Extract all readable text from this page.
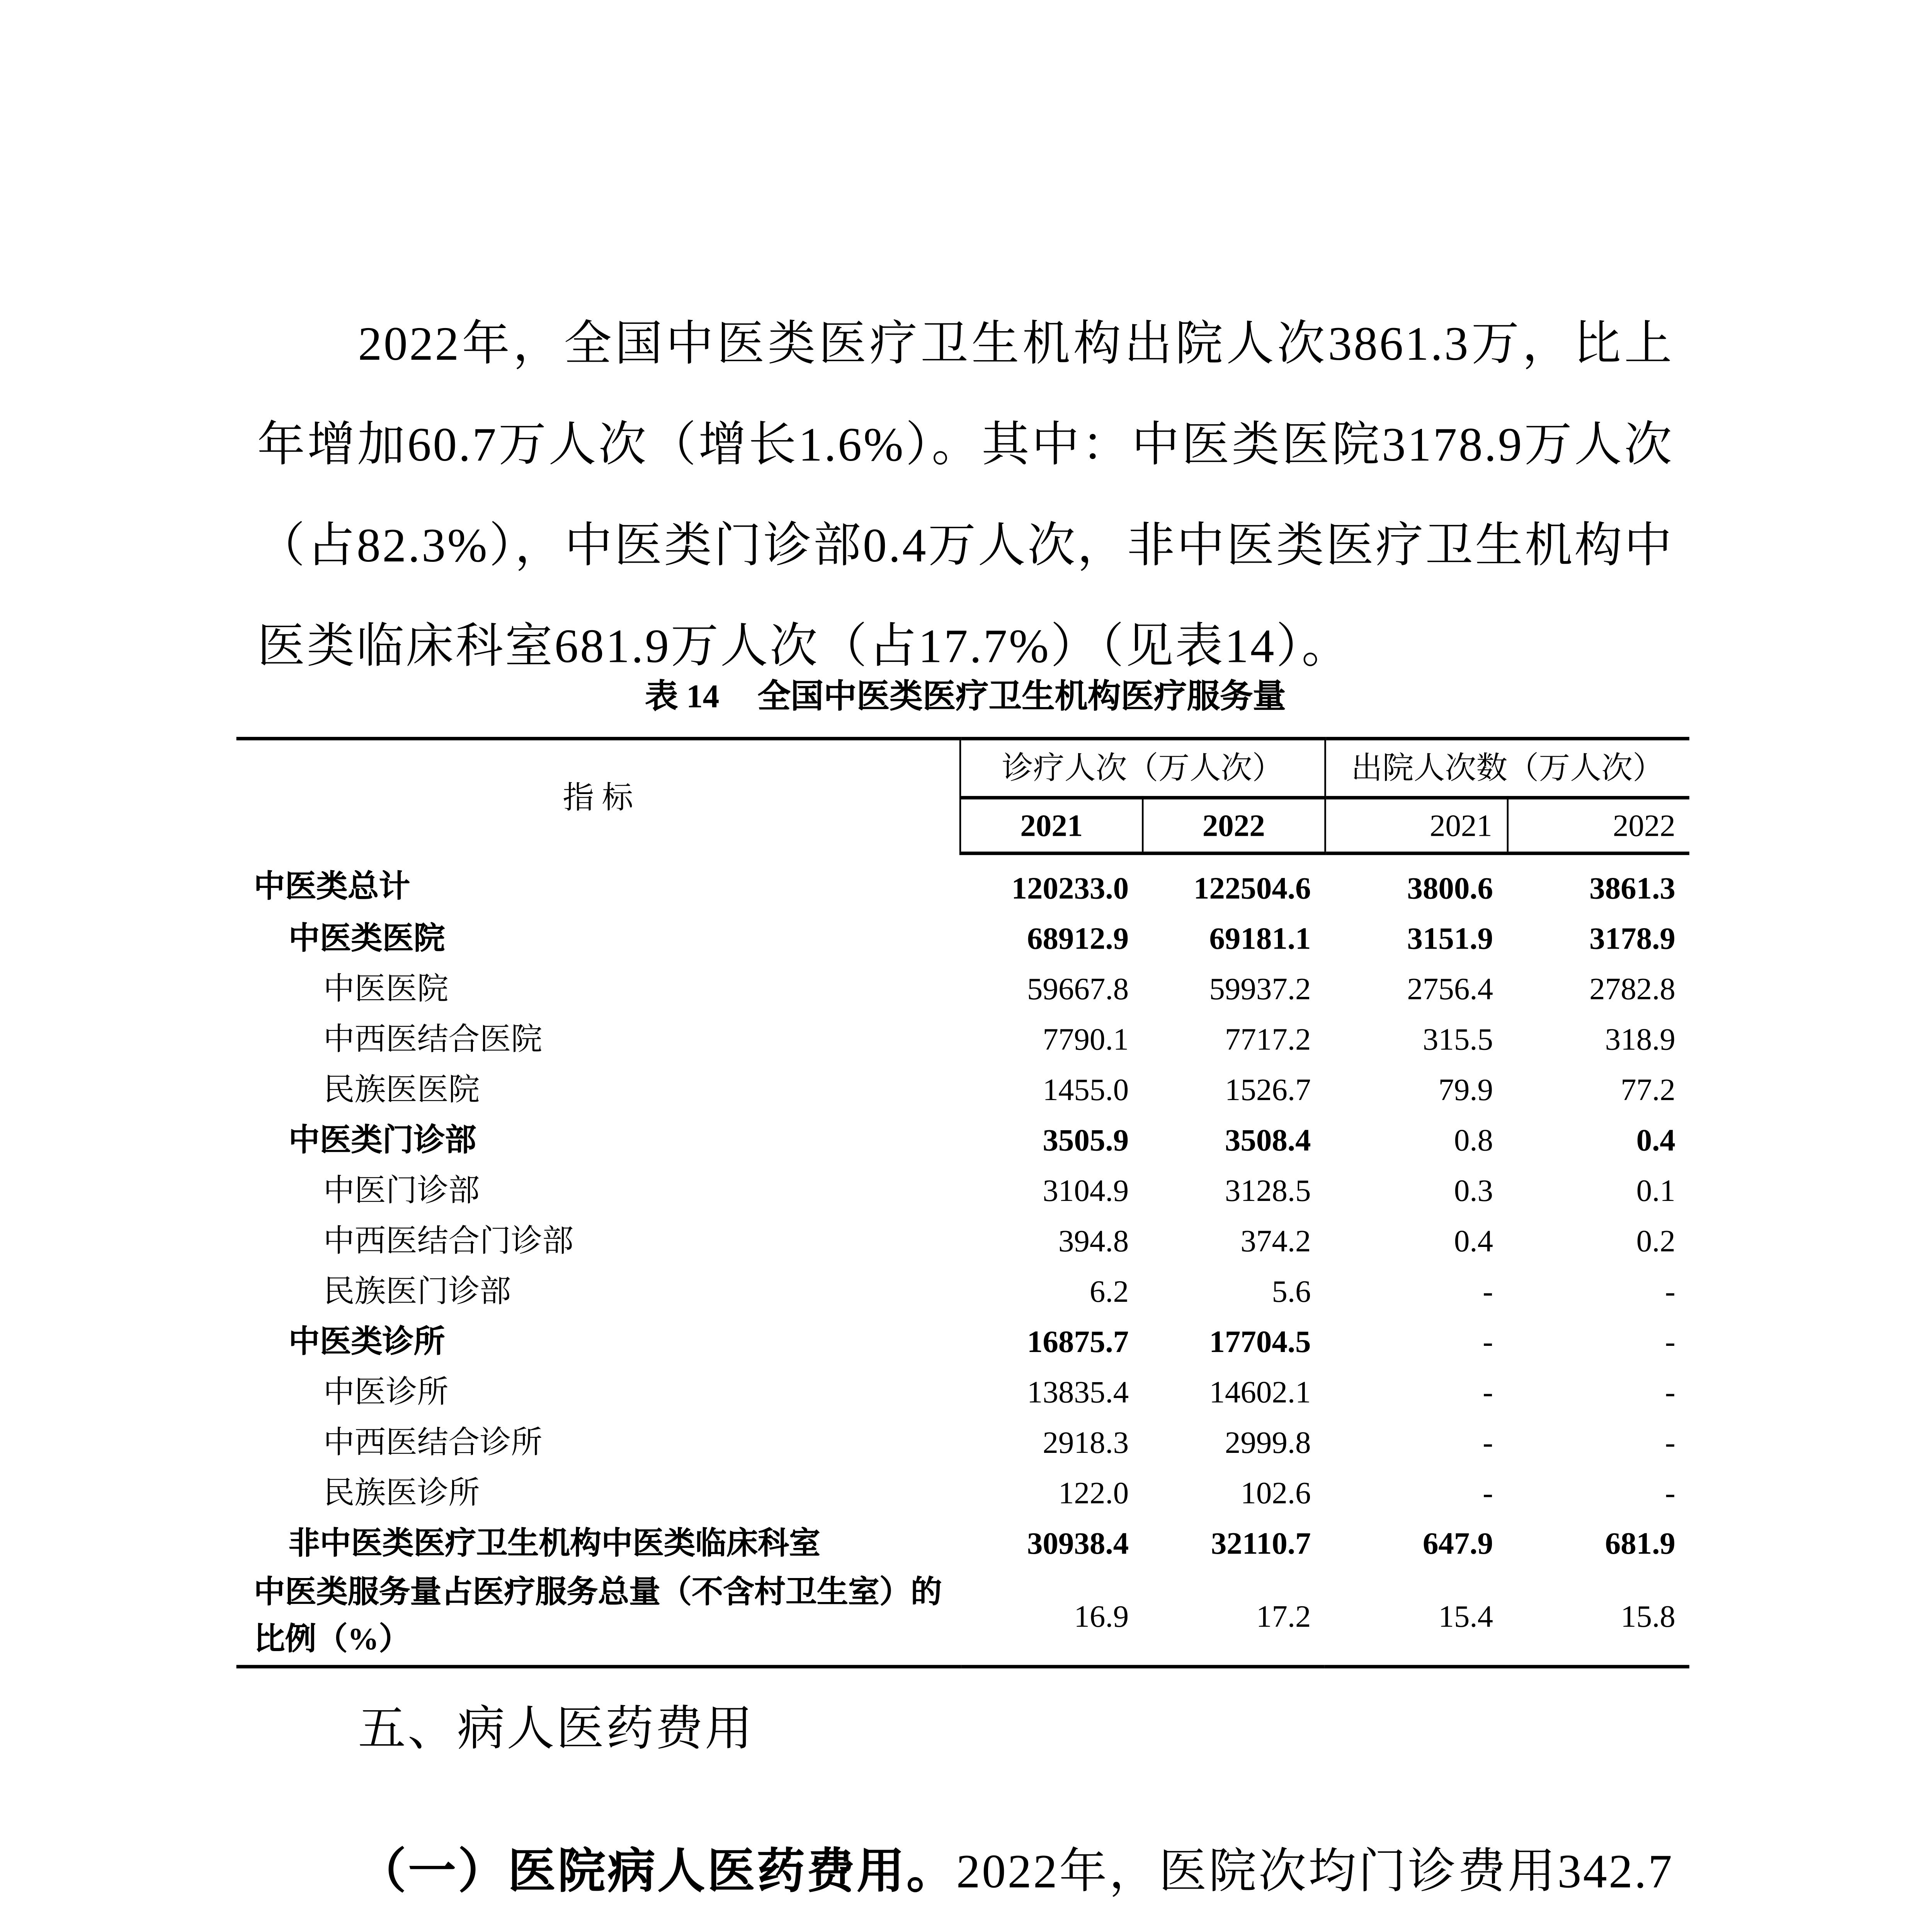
2022年，全国中医类医疗卫生机构出院人次3861.3万，比上年增加60.7万人次（增长1.6%）。其中：中医类医院3178.9万人次（占82.3%），中医类门诊部0.4万人次，非中医类医疗卫生机构中医类临床科室681.9万人次（占17.7%）（见表14）。

表 14	全国中医类医疗卫生机构医疗服务量
指 标	诊疗人次（万人次）		出院人次数（万人次）	
	2021	2022	2021	2022
中医类总计	120233.0	122504.6	3800.6	3861.3
中医类医院	68912.9	69181.1	3151.9	3178.9
中医医院	59667.8	59937.2	2756.4	2782.8
中西医结合医院	7790.1	7717.2	315.5	318.9
民族医医院	1455.0	1526.7	79.9	77.2
中医类门诊部	3505.9	3508.4	0.8	0.4
中医门诊部	3104.9	3128.5	0.3	0.1
中西医结合门诊部	394.8	374.2	0.4	0.2
民族医门诊部	6.2	5.6	-	-
中医类诊所	16875.7	17704.5	-	-
中医诊所	13835.4	14602.1	-	-
中西医结合诊所	2918.3	2999.8	-	-
民族医诊所	122.0	102.6	-	-
非中医类医疗卫生机构中医类临床科室	30938.4	32110.7	647.9	681.9
中医类服务量占医疗服务总量（不含村卫生室）的比例（%）	16.9	17.2	15.4	15.8
五、病人医药费用

（一）医院病人医药费用。2022年，医院次均门诊费用342.7
